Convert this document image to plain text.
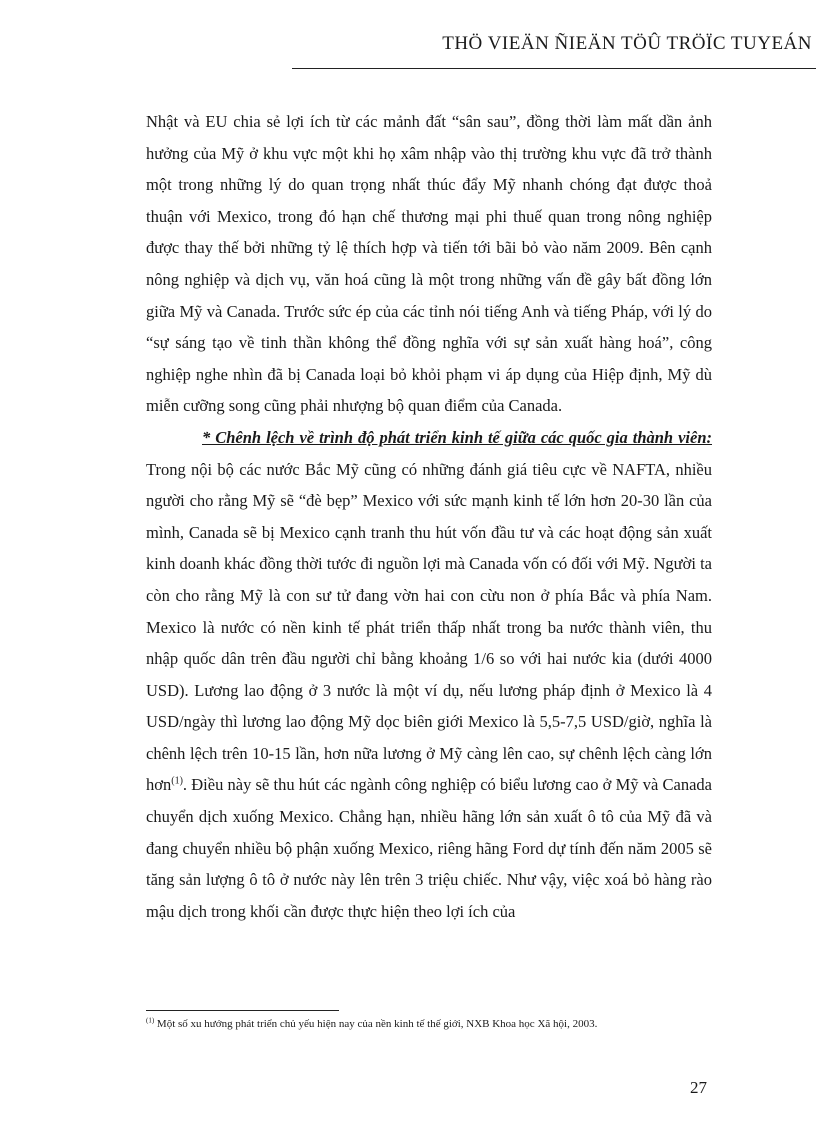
THÖ VIEÄN ÑIEÄN TÖÛ TRÖÏC TUYEÁN

Nhật và EU chia sẻ lợi ích từ các mảnh đất “sân sau”, đồng thời làm mất dần ảnh hưởng của Mỹ ở khu vực một khi họ xâm nhập vào thị trường khu vực đã trở thành một trong những lý do quan trọng nhất thúc đẩy Mỹ nhanh chóng đạt được thoả thuận với Mexico, trong đó hạn chế thương mại phi thuế quan trong nông nghiệp được thay thế bởi những tỷ lệ thích hợp và tiến tới bãi bỏ vào năm 2009. Bên cạnh nông nghiệp và dịch vụ, văn hoá cũng là một trong những vấn đề gây bất đồng lớn giữa Mỹ và Canada. Trước sức ép của các tỉnh nói tiếng Anh và tiếng Pháp, với lý do “sự sáng tạo về tinh thần không thể đồng nghĩa với sự sản xuất hàng hoá”, công nghiệp nghe nhìn đã bị Canada loại bỏ khỏi phạm vi áp dụng của Hiệp định, Mỹ dù miễn cưỡng song cũng phải nhượng bộ quan điểm của Canada.

* Chênh lệch về trình độ phát triển kinh tế giữa các quốc gia thành viên: Trong nội bộ các nước Bắc Mỹ cũng có những đánh giá tiêu cực về NAFTA, nhiều người cho rằng Mỹ sẽ “đè bẹp” Mexico với sức mạnh kinh tế lớn hơn 20-30 lần của mình, Canada sẽ bị Mexico cạnh tranh thu hút vốn đầu tư và các hoạt động sản xuất kinh doanh khác đồng thời tước đi nguồn lợi mà Canada vốn có đối với Mỹ. Người ta còn cho rằng Mỹ là con sư tử đang vờn hai con cừu non ở phía Bắc và phía Nam. Mexico là nước có nền kinh tế phát triển thấp nhất trong ba nước thành viên, thu nhập quốc dân trên đầu người chỉ bằng khoảng 1/6 so với hai nước kia (dưới 4000 USD). Lương lao động ở 3 nước là một ví dụ, nếu lương pháp định ở Mexico là 4 USD/ngày thì lương lao động Mỹ dọc biên giới Mexico là 5,5-7,5 USD/giờ, nghĩa là chênh lệch trên 10-15 lần, hơn nữa lương ở Mỹ càng lên cao, sự chênh lệch càng lớn hơn$^{(1)}$. Điều này sẽ thu hút các ngành công nghiệp có biểu lương cao ở Mỹ và Canada chuyển dịch xuống Mexico. Chẳng hạn, nhiều hãng lớn sản xuất ô tô của Mỹ đã và đang chuyển nhiều bộ phận xuống Mexico, riêng hãng Ford dự tính đến năm 2005 sẽ tăng sản lượng ô tô ở nước này lên trên 3 triệu chiếc. Như vậy, việc xoá bỏ hàng rào mậu dịch trong khối cần được thực hiện theo lợi ích của

$^{(1)}$ Một số xu hướng phát triển chủ yếu hiện nay của nền kinh tế thế giới, NXB Khoa học Xã hội, 2003.
27
